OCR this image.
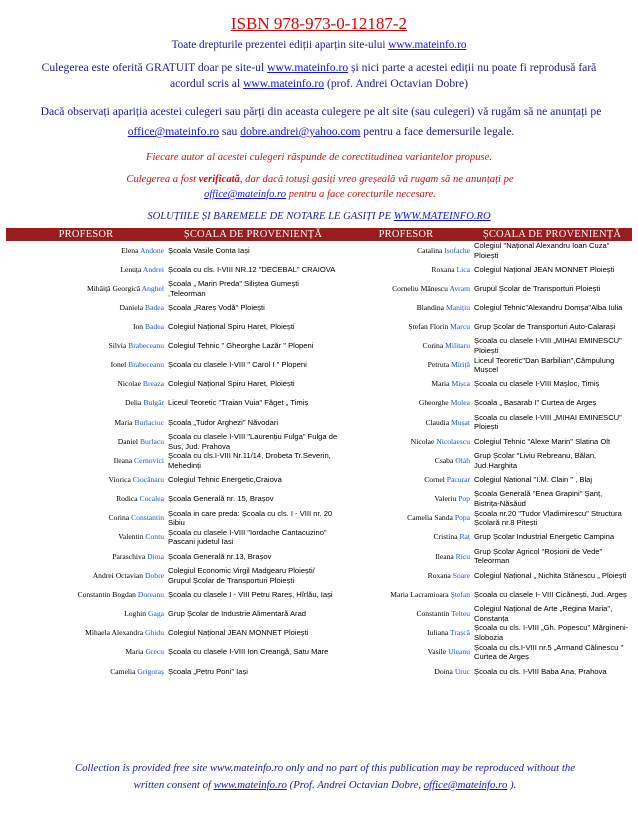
ISBN 978-973-0-12187-2
Toate drepturile prezentei ediții aparțin site-ului www.mateinfo.ro
Culegerea este oferită GRATUIT doar pe site-ul www.mateinfo.ro și nici parte a acestei ediții nu poate fi reprodusă fară acordul scris al www.mateinfo.ro (prof. Andrei Octavian Dobre)
Dacă observați apariția acestei culegeri sau părți din aceasta culegere pe alt site (sau culegeri) vă rugăm să ne anunțați pe office@mateinfo.ro sau dobre.andrei@yahoo.com pentru a face demersurile legale.
Fiecare autor al acestei culegeri răspunde de corectitudinea variantelor propuse.
Culegerea a fost verificată, dar dacă totuși gasiți vreo greșeală vă rugam să ne anunțați pe office@mateinfo.ro pentru a face corecturile necesare.
SOLUȚIILE ȘI BAREMELE DE NOTARE LE GASIȚI PE WWW.MATEINFO.RO
PROFESOR	ȘCOALA DE PROVENIENȚĂ	PROFESOR	ȘCOALA DE PROVENIENȚĂ
Elena Andone	Școala Vasile Conta Iași	Catalina Isofache	Colegiul "Național Alexandru Ioan Cuza" Ploiești
Lenuța Andrei	Școala cu cls. I-VIII NR.12 "DECEBAL" CRAIOVA	Roxana Lica	Colegiul Național JEAN MONNET Ploiești
Mihăiță Georgică Anghel	Școala „ Marin Preda" Siliștea Gumești ,Teleorman	Corneliu Mănescu Avram	Grupul Școlar de Transporturi Ploiești
Daniela Badea	Școala „Rareș Vodă" Ploiești	Blandina Manițiu	Colegiul Tehnic"Alexandru Domșa"Alba Iulia
Ion Badea	Colegiul Național Spiru Haret, Ploiești	Ștefan Florin Marcu	Grup Școlar de Transporturi Auto-Calarași
Silvia Brabeceanu	Colegiul Tehnic " Gheorghe Lazăr " Plopeni	Corina Militaru	Școala cu clasele I-VIII „MIHAI EMINESCU" Ploiești
Ionel Brabeceanu	Școala cu clasele I-VIII " Carol I " Plopeni	Petruta Miriță	Liceul Teoretic"Dan Barbilian",Câmpulung Mușcel
Nicolae Breaza	Colegiul Național Spiru Haret, Ploiești	Maria Mișca	Școala cu clasele I-VIII Mașloc, Timiș
Delia Bulgăr	Liceul Teoretic "Traian Vuia" Făget „ Timiș	Gheorghe Molea	Școala „ Basarab I" Curtea de Argeș
Maria Burlaciuc	Școala „Tudor Arghezi" Năvodari	Claudia Mușat	Școala cu clasele I-VIII „MIHAI EMINESCU" Ploiești
Daniel Burlacu	Școala cu clasele I-VIII "Laurențiu Fulga" Fulga de Sus, Jud. Prahova	Nicolae Nicolaescu	Colegiul Tehnic "Alexe Marin" Slatina Olt
Ileana Cernovici	Școala cu cls.I-VIII Nr.11/14, Drobeta Tr.Severin, Mehedinți	Csaba Oláh	Grup Școlar "Liviu Rebreanu, Bălan, Jud.Harghita
Viorica Ciocănaru	Colegiul Tehnic Energetic,Craiova	Cornel Pacurar	Colegiul National "I.M. Clain " , Blaj
Rodica Cocalea	Școala Generală nr. 15, Brașov	Valeriu Pop	Școala Generală "Enea Grapini" Șanț, Bistrița-Năsăud
Corina Constantin	Școala in care preda: Școala cu cls. I - VIII nr. 20 Sibiu	Camelia Sanda Popa	Școala nr.20 "Tudor Vladimirescu" Structura Școlară nr.8 Pitești
Valentin Contu	Școala cu clasele I-VIII "Iordache Cantacuzino" Pascani judetul Iasi	Cristina Raț	Grup Școlar Industrial Energetic Campina
Paraschiva Dima	Școala Generală nr.13, Brașov	Ileana Ricu	Grup Școlar Agricol "Roșiorii de Vede" Teleorman
Andrei Octavian Dobre	Colegiul Economic Virgil Madgearu Ploiești/ Grupul Școlar de Transporturi Ploiești	Roxana Soare	Colegiul Național „ Nichita Stănescu „ Ploiești
Constantin Bogdan Doreanu	Școala cu clasele I - VIII Petru Rareș, Hîrlău, Iași	Maria Lacramioara Ștefan	Școala cu clasele I- VIII Cicănești, Jud. Argeș
Loghin Gaga	Grup Școlar de Industrie Alimentară Arad	Constantin Telteu	Colegiul Național de Arte „Regina Maria", Constanța
Mihaela Alexandra Ghidu	Colegiul Național JEAN MONNET Ploiești	Iuliana Trașcă	Școala cu cls. I-VIII „Gh. Popescu" Mărgineni-Slobozia
Maria Grecu	Școala cu clasele I-VIII Ion Creangă, Satu Mare	Vasile Uleanu	Școala cu cls.I-VIII nr.5 „Armand Călinescu " Curtea de Argeș
Camelia Grigoraș	Școala „Petru Poni" Iași	Doina Uruc	Școala cu cls. I-VIII Baba Ana, Prahova
Collection is provided free site www.mateinfo.ro only and no part of this publication may be reproduced without the written consent of www.mateinfo.ro (Prof. Andrei Octavian Dobre, office@mateinfo.ro ).
